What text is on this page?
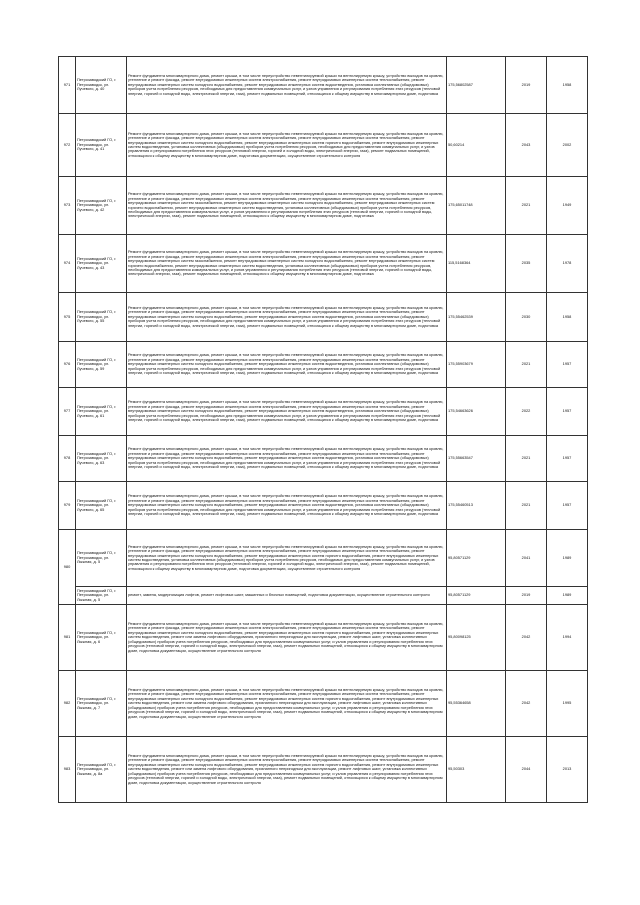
971	Петрозаводский ГО, г. Петрозаводск, ул. Лучевого, д. 40	Ремонт фундамента многоквартирного дома, ремонт крыши, в том числе переустройство невентилируемой крыши на вентилируемую крышу, устройство выходов на кровлю, утепление и ремонт фасада, ремонт внутридомовых инженерных систем электроснабжения, ремонт внутридомовых инженерных систем теплоснабжения, ремонт внутридомовых инженерных систем холодного водоснабжения, ремонт внутридомовых инженерных систем водоотведения, установка коллективных (общедомовых) приборов учета потребления ресурсов, необходимых для предоставления коммунальных услуг, и узлов управления и регулирования потребления этих ресурсов (тепловой энергии, горячей и холодной воды, электрической энергии, газа), ремонт подвальных помещений, относящихся к общему имуществу в многоквартирном доме, подготовка	175,56802587	2019	1958
972	Петрозаводский ГО, г. Петрозаводск, ул. Лучевого, д. 41	Ремонт фундамента многоквартирного дома, ремонт крыши, в том числе переустройство невентилируемой крыши на вентилируемую крышу, устройство выходов на кровлю, утепление и ремонт фасада, ремонт внутридомовых инженерных систем электроснабжения, ремонт внутридомовых инженерных систем теплоснабжения, ремонт внутридомовых инженерных систем холодного водоснабжения, ремонт внутридомовых инженерных систем горячего водоснабжения, ремонт внутридомовых инженерных систем водоотведения, установка коллективных (общедомовых) приборов учета потребления ресурсов, необходимых для предоставления коммунальных услуг, и узлов управления и регулирования потребления этих ресурсов (тепловой энергии, горячей и холодной воды, электрической энергии, газа), ремонт подвальных помещений, относящихся к общему имуществу в многоквартирном доме, подготовка документации, осуществление строительного контроля	50,60214	2043	2002
973	Петрозаводский ГО, г. Петрозаводск, ул. Лучевого, д. 42	Ремонт фундамента многоквартирного дома, ремонт крыши, в том числе переустройство невентилируемой крыши на вентилируемую крышу, устройство выходов на кровлю, утепление и ремонт фасада, ремонт внутридомовых инженерных систем электроснабжения, ремонт внутридомовых инженерных систем теплоснабжения, ремонт внутридомовых инженерных систем газоснабжения, ремонт внутридомовых инженерных систем холодного водоснабжения, ремонт внутридомовых инженерных систем горячего водоснабжения, ремонт внутридомовых инженерных систем водоотведения, установка коллективных (общедомовых) приборов учета потребления ресурсов, необходимых для предоставления коммунальных услуг, и узлов управления и регулирования потребления этих ресурсов (тепловой энергии, горячей и холодной воды, электрической энергии, газа), ремонт подвальных помещений, относящихся к общему имуществу в многоквартирном доме, подготовка	175,65011748	2021	1949
974	Петрозаводский ГО, г. Петрозаводск, ул. Лучевого, д. 43	Ремонт фундамента многоквартирного дома, ремонт крыши, в том числе переустройство невентилируемой крыши на вентилируемую крышу, устройство выходов на кровлю, утепление и ремонт фасада, ремонт внутридомовых инженерных систем электроснабжения, ремонт внутридомовых инженерных систем теплоснабжения, ремонт внутридомовых инженерных систем газоснабжения, ремонт внутридомовых инженерных систем холодного водоснабжения, ремонт внутридомовых инженерных систем горячего водоснабжения, ремонт внутридомовых инженерных систем водоотведения, установка коллективных (общедомовых) приборов учета потребления ресурсов, необходимых для предоставления коммунальных услуг, и узлов управления и регулирования потребления этих ресурсов (тепловой энергии, горячей и холодной воды, электрической энергии, газа), ремонт подвальных помещений, относящихся к общему имуществу в многоквартирном доме, подготовка	115,5168364	2035	1978
975	Петрозаводский ГО, г. Петрозаводск, ул. Лучевого, д. 55	Ремонт фундамента многоквартирного дома, ремонт крыши, в том числе переустройство невентилируемой крыши на вентилируемую крышу, устройство выходов на кровлю, утепление и ремонт фасада, ремонт внутридомовых инженерных систем электроснабжения, ремонт внутридомовых инженерных систем теплоснабжения, ремонт внутридомовых инженерных систем холодного водоснабжения, ремонт внутридомовых инженерных систем водоотведения, установка коллективных (общедомовых) приборов учета потребления ресурсов, необходимых для предоставления коммунальных услуг, и узлов управления и регулирования потребления этих ресурсов (тепловой энергии, горячей и холодной воды, электрической энергии, газа), ремонт подвальных помещений, относящихся к общему имуществу в многоквартирном доме, подготовка	175,55462539	2030	1958
976	Петрозаводский ГО, г. Петрозаводск, ул. Лучевого, д. 59	Ремонт фундамента многоквартирного дома, ремонт крыши, в том числе переустройство невентилируемой крыши на вентилируемую крышу, устройство выходов на кровлю, утепление и ремонт фасада, ремонт внутридомовых инженерных систем электроснабжения, ремонт внутридомовых инженерных систем теплоснабжения, ремонт внутридомовых инженерных систем холодного водоснабжения, ремонт внутридомовых инженерных систем водоотведения, установка коллективных (общедомовых) приборов учета потребления ресурсов, необходимых для предоставления коммунальных услуг, и узлов управления и регулирования потребления этих ресурсов (тепловой энергии, горячей и холодной воды, электрической энергии, газа), ремонт подвальных помещений, относящихся к общему имуществу в многоквартирном доме, подготовка	175,55903679	2021	1957
977	Петрозаводский ГО, г. Петрозаводск, ул. Лучевого, д. 61	Ремонт фундамента многоквартирного дома, ремонт крыши, в том числе переустройство невентилируемой крыши на вентилируемую крышу, устройство выходов на кровлю, утепление и ремонт фасада, ремонт внутридомовых инженерных систем электроснабжения, ремонт внутридомовых инженерных систем теплоснабжения, ремонт внутридомовых инженерных систем холодного водоснабжения, ремонт внутридомовых инженерных систем водоотведения, установка коллективных (общедомовых) приборов учета потребления ресурсов, необходимых для предоставления коммунальных услуг, и узлов управления и регулирования потребления этих ресурсов (тепловой энергии, горячей и холодной воды, электрической энергии, газа), ремонт подвальных помещений, относящихся к общему имуществу в многоквартирном доме, подготовка	175,54663626	2022	1957
978	Петрозаводский ГО, г. Петрозаводск, ул. Лучевого, д. 63	Ремонт фундамента многоквартирного дома, ремонт крыши, в том числе переустройство невентилируемой крыши на вентилируемую крышу, устройство выходов на кровлю, утепление и ремонт фасада, ремонт внутридомовых инженерных систем электроснабжения, ремонт внутридомовых инженерных систем теплоснабжения, ремонт внутридомовых инженерных систем холодного водоснабжения, ремонт внутридомовых инженерных систем водоотведения, установка коллективных (общедомовых) приборов учета потребления ресурсов, необходимых для предоставления коммунальных услуг, и узлов управления и регулирования потребления этих ресурсов (тепловой энергии, горячей и холодной воды, электрической энергии, газа), ремонт подвальных помещений, относящихся к общему имуществу в многоквартирном доме, подготовка	175,55663547	2021	1957
979	Петрозаводский ГО, г. Петрозаводск, ул. Лучевого, д. 65	Ремонт фундамента многоквартирного дома, ремонт крыши, в том числе переустройство невентилируемой крыши на вентилируемую крышу, устройство выходов на кровлю, утепление и ремонт фасада, ремонт внутридомовых инженерных систем электроснабжения, ремонт внутридомовых инженерных систем теплоснабжения, ремонт внутридомовых инженерных систем холодного водоснабжения, ремонт внутридомовых инженерных систем водоотведения, установка коллективных (общедомовых) приборов учета потребления ресурсов, необходимых для предоставления коммунальных услуг, и узлов управления и регулирования потребления этих ресурсов (тепловой энергии, горячей и холодной воды, электрической энергии, газа), ремонт подвальных помещений, относящихся к общему имуществу в многоквартирном доме, подготовка	175,55460513	2021	1957
980	Петрозаводский ГО, г. Петрозаводск, ул. Лыжная, д. 5	Ремонт фундамента многоквартирного дома, ремонт крыши, в том числе переустройство невентилируемой крыши на вентилируемую крышу, устройство выходов на кровлю, утепление и ремонт фасада, ремонт внутридомовых инженерных систем электроснабжения, ремонт внутридомовых инженерных систем теплоснабжения, ремонт внутридомовых инженерных систем холодного водоснабжения, ремонт внутридомовых инженерных систем горячего водоснабжения, ремонт внутридомовых инженерных систем водоотведения, установка коллективных (общедомовых) приборов учета потребления ресурсов, необходимых для предоставления коммунальных услуг, и узлов управления и регулирования потребления этих ресурсов (тепловой энергии, горячей и холодной воды, электрической энергии, газа), ремонт подвальных помещений, относящихся к общему имуществу в многоквартирном доме, подготовка документации, осуществление строительного контроля	95,80571129	2041	1989
	Петрозаводский ГО, г. Петрозаводск, ул. Лыжная, д. 5	ремонт, замена, модернизация лифтов, ремонт лифтовых шахт, машинных и блочных помещений, подготовка документации, осуществление строительного контроля	95,80571129	2019	1989
981	Петрозаводский ГО, г. Петрозаводск, ул. Лыжная, д. 6	Ремонт фундамента многоквартирного дома, ремонт крыши, в том числе переустройство невентилируемой крыши на вентилируемую крышу, устройство выходов на кровлю, утепление и ремонт фасада, ремонт внутридомовых инженерных систем электроснабжения, ремонт внутридомовых инженерных систем теплоснабжения, ремонт внутридомовых инженерных систем холодного водоснабжения, ремонт внутридомовых инженерных систем горячего водоснабжения, ремонт внутридомовых инженерных систем водоотведения, ремонт или замена лифтового оборудования, признанного непригодным для эксплуатации, ремонт лифтовых шахт, установка коллективных (общедомовых) приборов учета потребления ресурсов, необходимых для предоставления коммунальных услуг, и узлов управления и регулирования потребления этих ресурсов (тепловой энергии, горячей и холодной воды, электрической энергии, газа), ремонт подвальных помещений, относящихся к общему имуществу в многоквартирном доме, подготовка документации, осуществление строительного контроля	95,80098125	2042	1994
982	Петрозаводский ГО, г. Петрозаводск, ул. Лыжная, д. 7	Ремонт фундамента многоквартирного дома, ремонт крыши, в том числе переустройство невентилируемой крыши на вентилируемую крышу, устройство выходов на кровлю, утепление и ремонт фасада, ремонт внутридомовых инженерных систем электроснабжения, ремонт внутридомовых инженерных систем теплоснабжения, ремонт внутридомовых инженерных систем холодного водоснабжения, ремонт внутридомовых инженерных систем горячего водоснабжения, ремонт внутридомовых инженерных систем водоотведения, ремонт или замена лифтового оборудования, признанного непригодным для эксплуатации, ремонт лифтовых шахт, установка коллективных (общедомовых) приборов учета потребления ресурсов, необходимых для предоставления коммунальных услуг, и узлов управления и регулирования потребления этих ресурсов (тепловой энергии, горячей и холодной воды, электрической энергии, газа), ремонт подвальных помещений, относящихся к общему имуществу в многоквартирном доме, подготовка документации, осуществление строительного контроля	95,55364658	2042	1995
983	Петрозаводский ГО, г. Петрозаводск, ул. Лыжная, д. 8а	Ремонт фундамента многоквартирного дома, ремонт крыши, в том числе переустройство невентилируемой крыши на вентилируемую крышу, устройство выходов на кровлю, утепление и ремонт фасада, ремонт внутридомовых инженерных систем электроснабжения, ремонт внутридомовых инженерных систем теплоснабжения, ремонт внутридомовых инженерных систем холодного водоснабжения, ремонт внутридомовых инженерных систем горячего водоснабжения, ремонт внутридомовых инженерных систем водоотведения, ремонт или замена лифтового оборудования, признанного непригодным для эксплуатации, ремонт лифтовых шахт, установка коллективных (общедомовых) приборов учета потребления ресурсов, необходимых для предоставления коммунальных услуг, и узлов управления и регулирования потребления этих ресурсов (тепловой энергии, горячей и холодной воды, электрической энергии, газа), ремонт подвальных помещений, относящихся к общему имуществу в многоквартирном доме, подготовка документации, осуществление строительного контроля	95,50303	2044	2013
